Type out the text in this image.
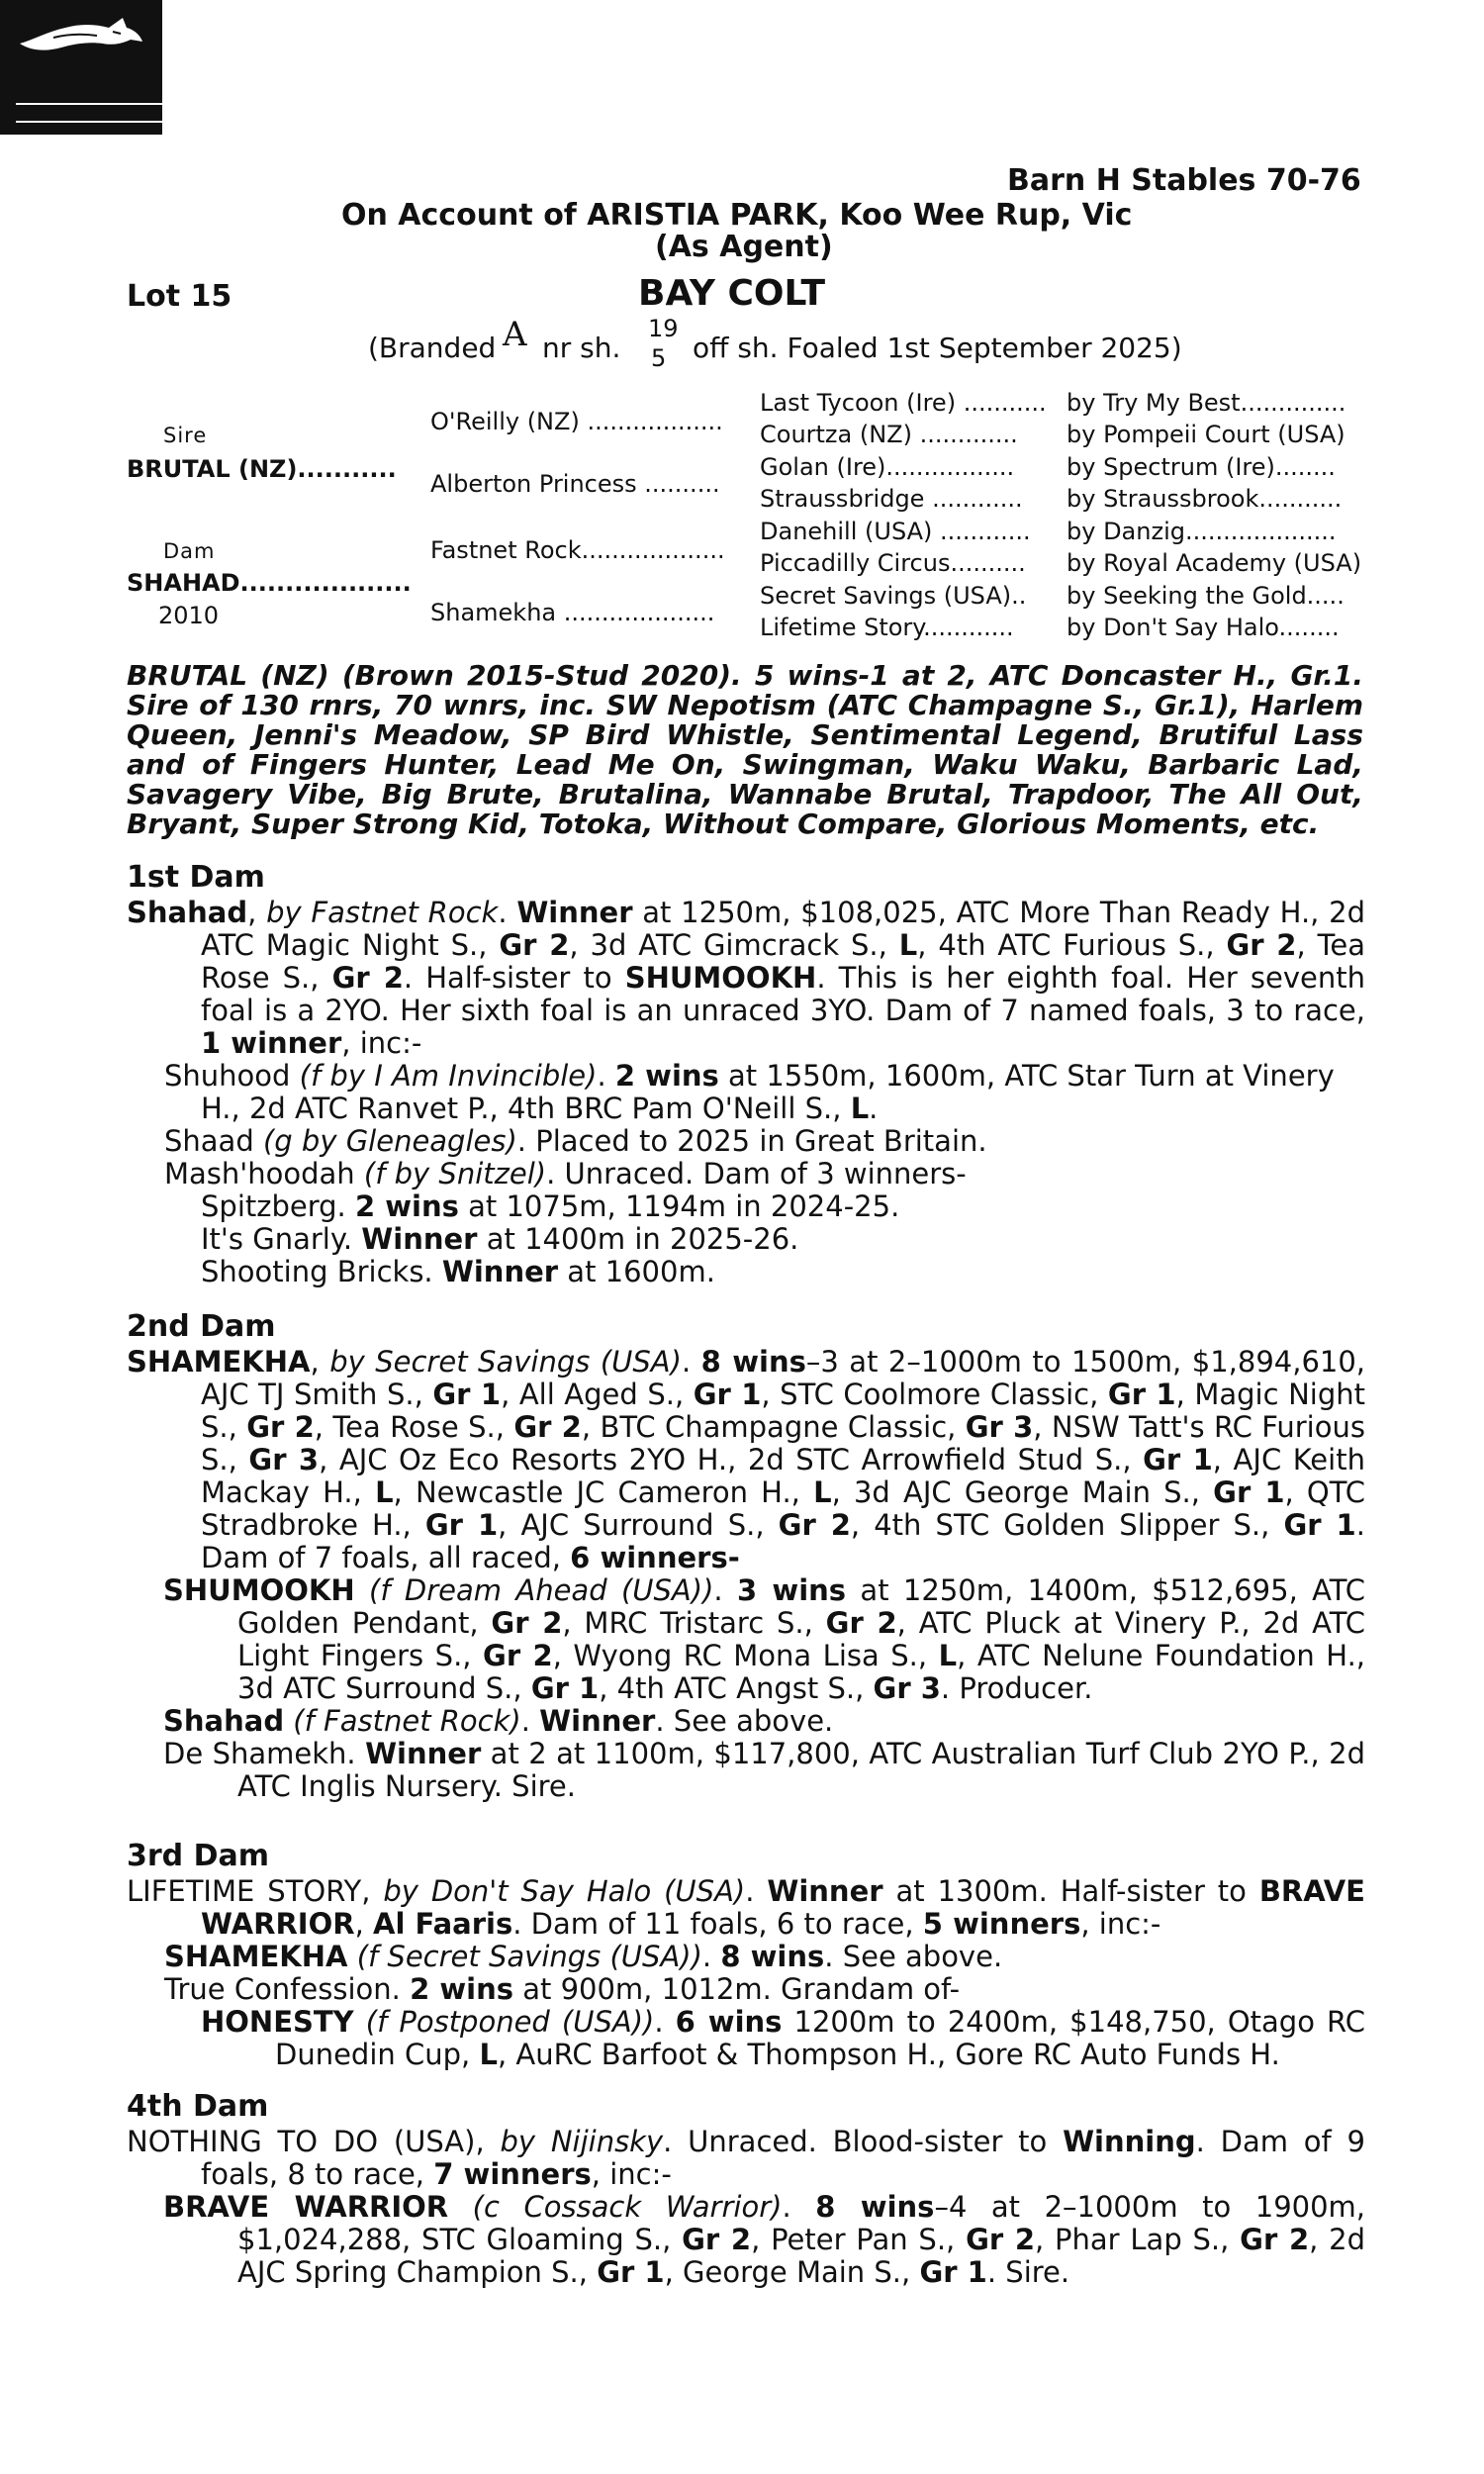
BOBS
ELIGIBLE
Barn H Stables 70-76
On Account of ARISTIA PARK, Koo Wee Rup, Vic
(As Agent)
Lot 15	BAY COLT
(Branded A nr sh.
19
5 off sh. Foaled 1st September 2025)
Sire
BRUTAL (NZ)...........
Dam
SHAHAD...................
2010
O'Reilly (NZ) ..................
Alberton Princess ..........
Fastnet Rock...................
Shamekha ....................
Last Tycoon (Ire) ...........
Courtza (NZ) .............
Golan (Ire).................
Straussbridge ............
Danehill (USA) ............
Piccadilly Circus..........
Secret Savings (USA)..
Lifetime Story............
by Try My Best..............
by Pompeii Court (USA)
by Spectrum (Ire)........
by Straussbrook...........
by Danzig....................
by Royal Academy (USA)
by Seeking the Gold.....
by Don't Say Halo........
BRUTAL (NZ) (Brown 2015-Stud 2020). 5 wins-1 at 2, ATC Doncaster H., Gr.1. Sire of 130 rnrs, 70 wnrs, inc. SW Nepotism (ATC Champagne S., Gr.1), Harlem Queen, Jenni's Meadow, SP Bird Whistle, Sentimental Legend, Brutiful Lass and of Fingers Hunter, Lead Me On, Swingman, Waku Waku, Barbaric Lad, Savagery Vibe, Big Brute, Brutalina, Wannabe Brutal, Trapdoor, The All Out, Bryant, Super Strong Kid, Totoka, Without Compare, Glorious Moments, etc.
1st Dam

Shahad, by Fastnet Rock. Winner at 1250m, $108,025, ATC More Than Ready H., 2d ATC Magic Night S., Gr 2, 3d ATC Gimcrack S., L, 4th ATC Furious S., Gr 2, Tea Rose S., Gr 2. Half-sister to SHUMOOKH. This is her eighth foal. Her seventh foal is a 2YO. Her sixth foal is an unraced 3YO. Dam of 7 named foals, 3 to race, 1 winner, inc:-

Shuhood (f by I Am Invincible). 2 wins at 1550m, 1600m, ATC Star Turn at Vinery H., 2d ATC Ranvet P., 4th BRC Pam O'Neill S., L.

Shaad (g by Gleneagles). Placed to 2025 in Great Britain.

Mash'hoodah (f by Snitzel). Unraced. Dam of 3 winners-

Spitzberg. 2 wins at 1075m, 1194m in 2024-25.

It's Gnarly. Winner at 1400m in 2025-26.

Shooting Bricks. Winner at 1600m.

2nd Dam

SHAMEKHA, by Secret Savings (USA). 8 wins–3 at 2–1000m to 1500m, $1,894,610, AJC TJ Smith S., Gr 1, All Aged S., Gr 1, STC Coolmore Classic, Gr 1, Magic Night S., Gr 2, Tea Rose S., Gr 2, BTC Champagne Classic, Gr 3, NSW Tatt's RC Furious S., Gr 3, AJC Oz Eco Resorts 2YO H., 2d STC Arrowfield Stud S., Gr 1, AJC Keith Mackay H., L, Newcastle JC Cameron H., L, 3d AJC George Main S., Gr 1, QTC Stradbroke H., Gr 1, AJC Surround S., Gr 2, 4th STC Golden Slipper S., Gr 1. Dam of 7 foals, all raced, 6 winners-

SHUMOOKH (f Dream Ahead (USA)). 3 wins at 1250m, 1400m, $512,695, ATC Golden Pendant, Gr 2, MRC Tristarc S., Gr 2, ATC Pluck at Vinery P., 2d ATC Light Fingers S., Gr 2, Wyong RC Mona Lisa S., L, ATC Nelune Foundation H., 3d ATC Surround S., Gr 1, 4th ATC Angst S., Gr 3. Producer.

Shahad (f Fastnet Rock). Winner. See above.

De Shamekh. Winner at 2 at 1100m, $117,800, ATC Australian Turf Club 2YO P., 2d ATC Inglis Nursery. Sire.

3rd Dam

LIFETIME STORY, by Don't Say Halo (USA). Winner at 1300m. Half-sister to BRAVE WARRIOR, Al Faaris. Dam of 11 foals, 6 to race, 5 winners, inc:-

SHAMEKHA (f Secret Savings (USA)). 8 wins. See above.

True Confession. 2 wins at 900m, 1012m. Grandam of-

HONESTY (f Postponed (USA)). 6 wins 1200m to 2400m, $148,750, Otago RC Dunedin Cup, L, AuRC Barfoot & Thompson H., Gore RC Auto Funds H.

4th Dam

NOTHING TO DO (USA), by Nijinsky. Unraced. Blood-sister to Winning. Dam of 9 foals, 8 to race, 7 winners, inc:-

BRAVE WARRIOR (c Cossack Warrior). 8 wins–4 at 2–1000m to 1900m, $1,024,288, STC Gloaming S., Gr 2, Peter Pan S., Gr 2, Phar Lap S., Gr 2, 2d AJC Spring Champion S., Gr 1, George Main S., Gr 1. Sire.
